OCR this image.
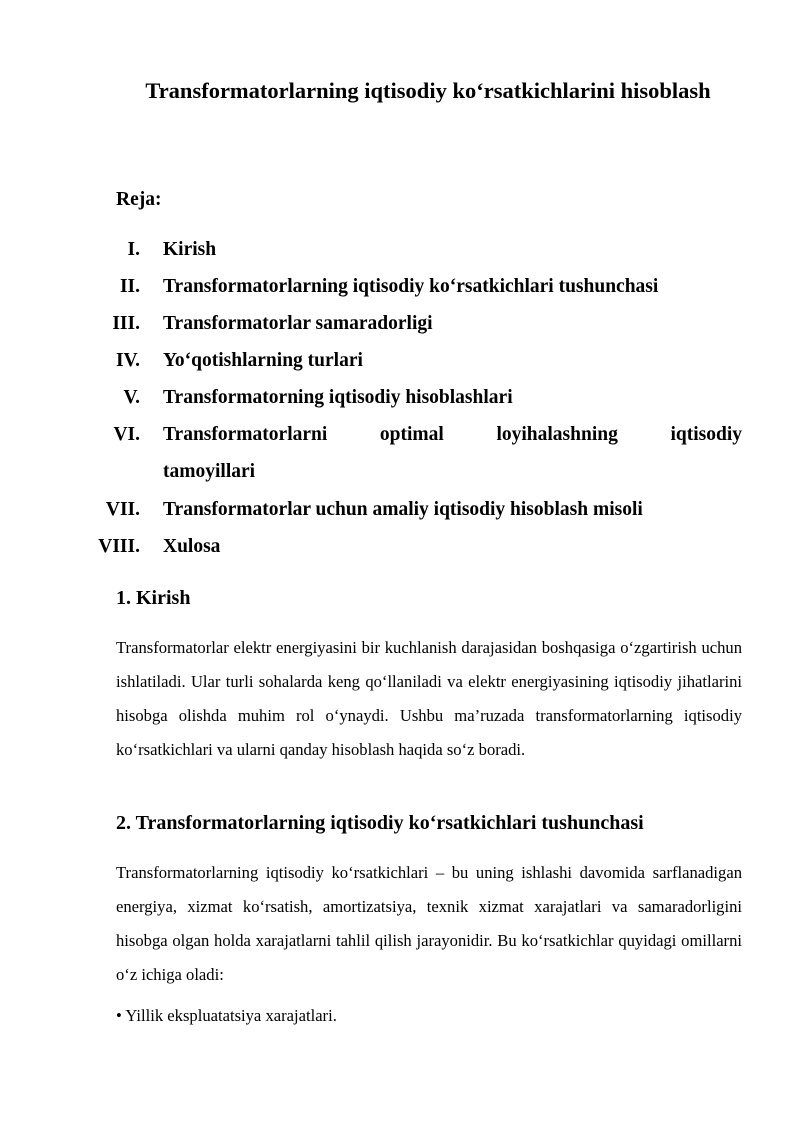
Transformatorlarning iqtisodiy ko‘rsatkichlarini hisoblash
Reja:
I. Kirish
II. Transformatorlarning iqtisodiy ko‘rsatkichlari tushunchasi
III. Transformatorlar samaradorligi
IV. Yo‘qotishlarning turlari
V. Transformatorning iqtisodiy hisoblashlari
VI. Transformatorlarni	optimal	loyihalashning	iqtisodiy
tamoyillari
VII. Transformatorlar uchun amaliy iqtisodiy hisoblash misoli
VIII. Xulosa
1. Kirish
Transformatorlar elektr energiyasini bir kuchlanish darajasidan boshqasiga o‘zgartirish uchun ishlatiladi. Ular turli sohalarda keng qo‘llaniladi va elektr energiyasining iqtisodiy jihatlarini hisobga olishda muhim rol o‘ynaydi. Ushbu ma’ruzada transformatorlarning iqtisodiy ko‘rsatkichlari va ularni qanday hisoblash haqida so‘z boradi.
2. Transformatorlarning iqtisodiy ko‘rsatkichlari tushunchasi
Transformatorlarning iqtisodiy ko‘rsatkichlari – bu uning ishlashi davomida sarflanadigan energiya, xizmat ko‘rsatish, amortizatsiya, texnik xizmat xarajatlari va samaradorligini hisobga olgan holda xarajatlarni tahlil qilish jarayonidir. Bu ko‘rsatkichlar quyidagi omillarni o‘z ichiga oladi:
• Yillik ekspluatatsiya xarajatlari.
